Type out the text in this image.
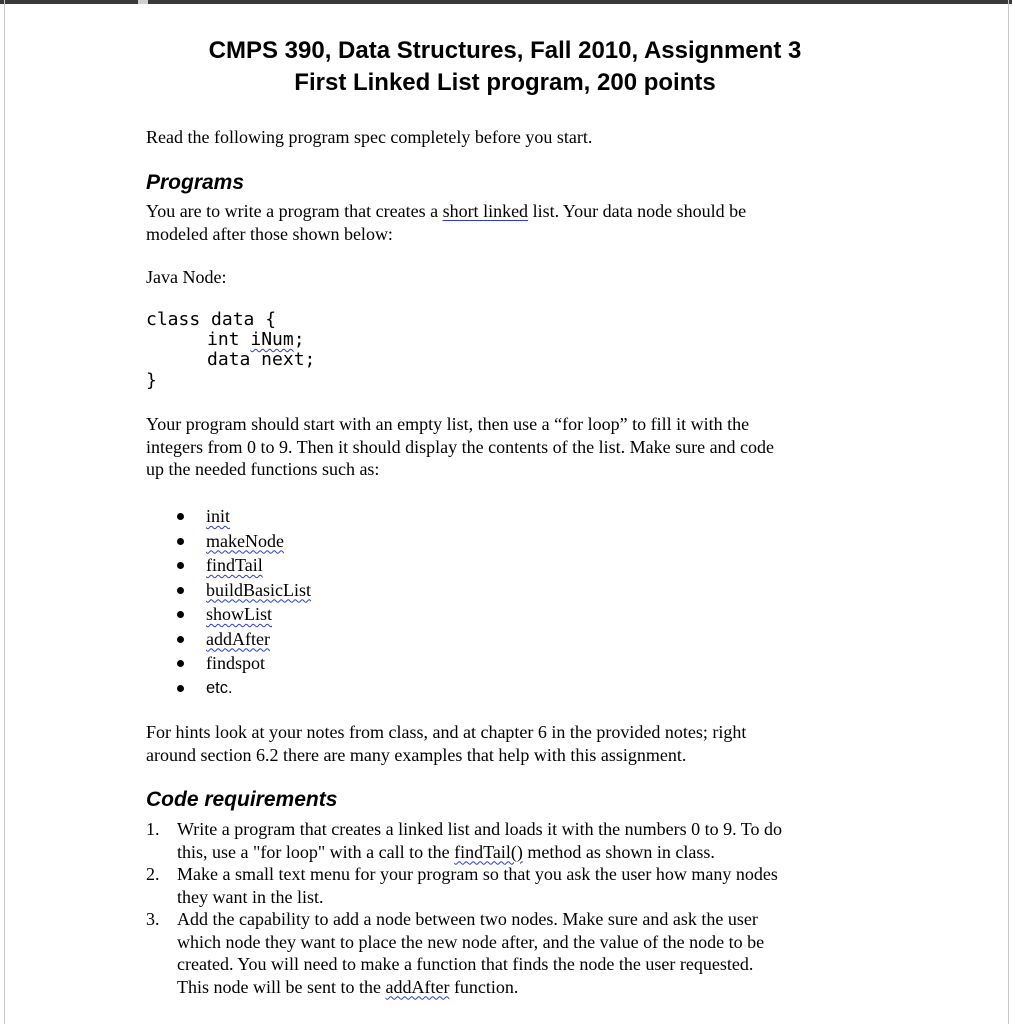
CMPS 390, Data Structures, Fall 2010, Assignment 3
First Linked List program, 200 points
Read the following program spec completely before you start.
Programs
You are to write a program that creates a short linked list. Your data node should be
modeled after those shown below:
Java Node:
class data {
int iNum;
data next;
}
Your program should start with an empty list, then use a “for loop” to fill it with the
integers from 0 to 9. Then it should display the contents of the list. Make sure and code
up the needed functions such as:
init
makeNode
findTail
buildBasicList
showList
addAfter
findspot
etc.
For hints look at your notes from class, and at chapter 6 in the provided notes; right
around section 6.2 there are many examples that help with this assignment.
Code requirements
1. Write a program that creates a linked list and loads it with the numbers 0 to 9. To do
this, use a "for loop" with a call to the findTail() method as shown in class.
2. Make a small text menu for your program so that you ask the user how many nodes
they want in the list.
3. Add the capability to add a node between two nodes. Make sure and ask the user
which node they want to place the new node after, and the value of the node to be
created. You will need to make a function that finds the node the user requested.
This node will be sent to the addAfter function.
